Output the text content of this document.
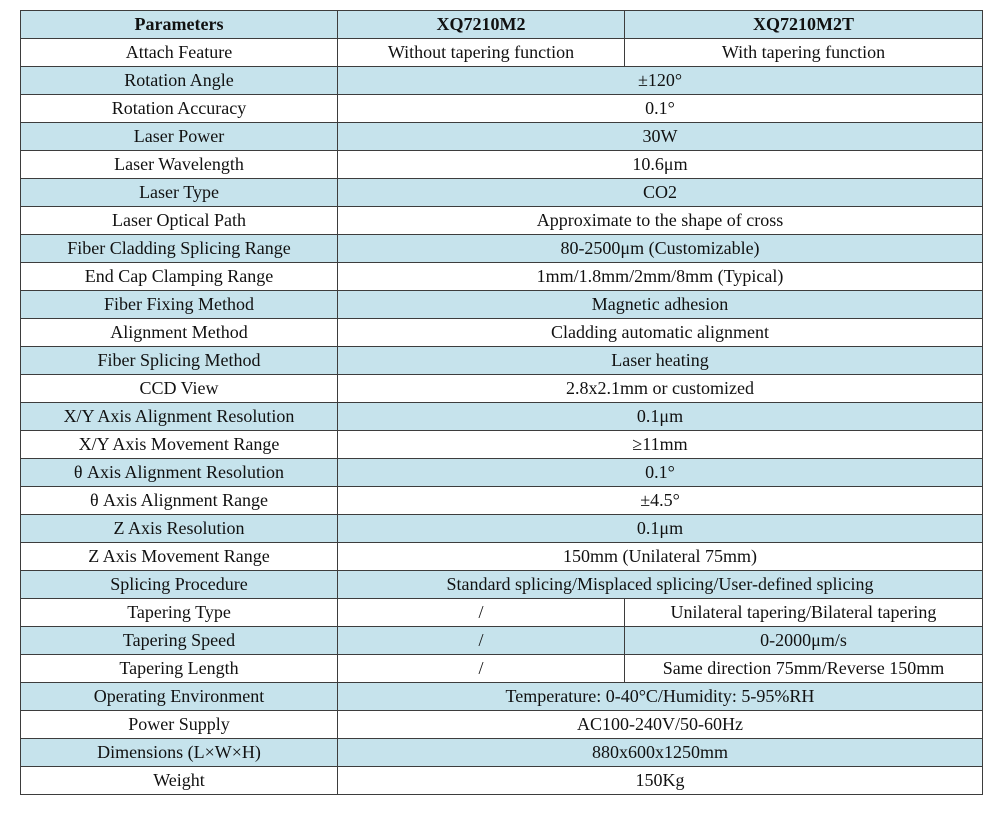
Parameters	XQ7210M2	XQ7210M2T
Attach Feature	Without tapering function	With tapering function
Rotation Angle	±120°	
Rotation Accuracy	0.1°	
Laser Power	30W	
Laser Wavelength	10.6μm	
Laser Type	CO2	
Laser Optical Path	Approximate to the shape of cross	
Fiber Cladding Splicing Range	80-2500μm (Customizable)	
End Cap Clamping Range	1mm/1.8mm/2mm/8mm (Typical)	
Fiber Fixing Method	Magnetic adhesion	
Alignment Method	Cladding automatic alignment	
Fiber Splicing Method	Laser heating	
CCD View	2.8x2.1mm or customized	
X/Y Axis Alignment Resolution	0.1μm	
X/Y Axis Movement Range	≥11mm	
θ Axis Alignment Resolution	0.1°	
θ Axis Alignment Range	±4.5°	
Z Axis Resolution	0.1μm	
Z Axis Movement Range	150mm (Unilateral 75mm)	
Splicing Procedure	Standard splicing/Misplaced splicing/User-defined splicing	
Tapering Type	/	Unilateral tapering/Bilateral tapering
Tapering Speed	/	0-2000μm/s
Tapering Length	/	Same direction 75mm/Reverse 150mm
Operating Environment	Temperature: 0-40°C/Humidity: 5-95%RH	
Power Supply	AC100-240V/50-60Hz	
Dimensions (L×W×H)	880x600x1250mm	
Weight	150Kg	
